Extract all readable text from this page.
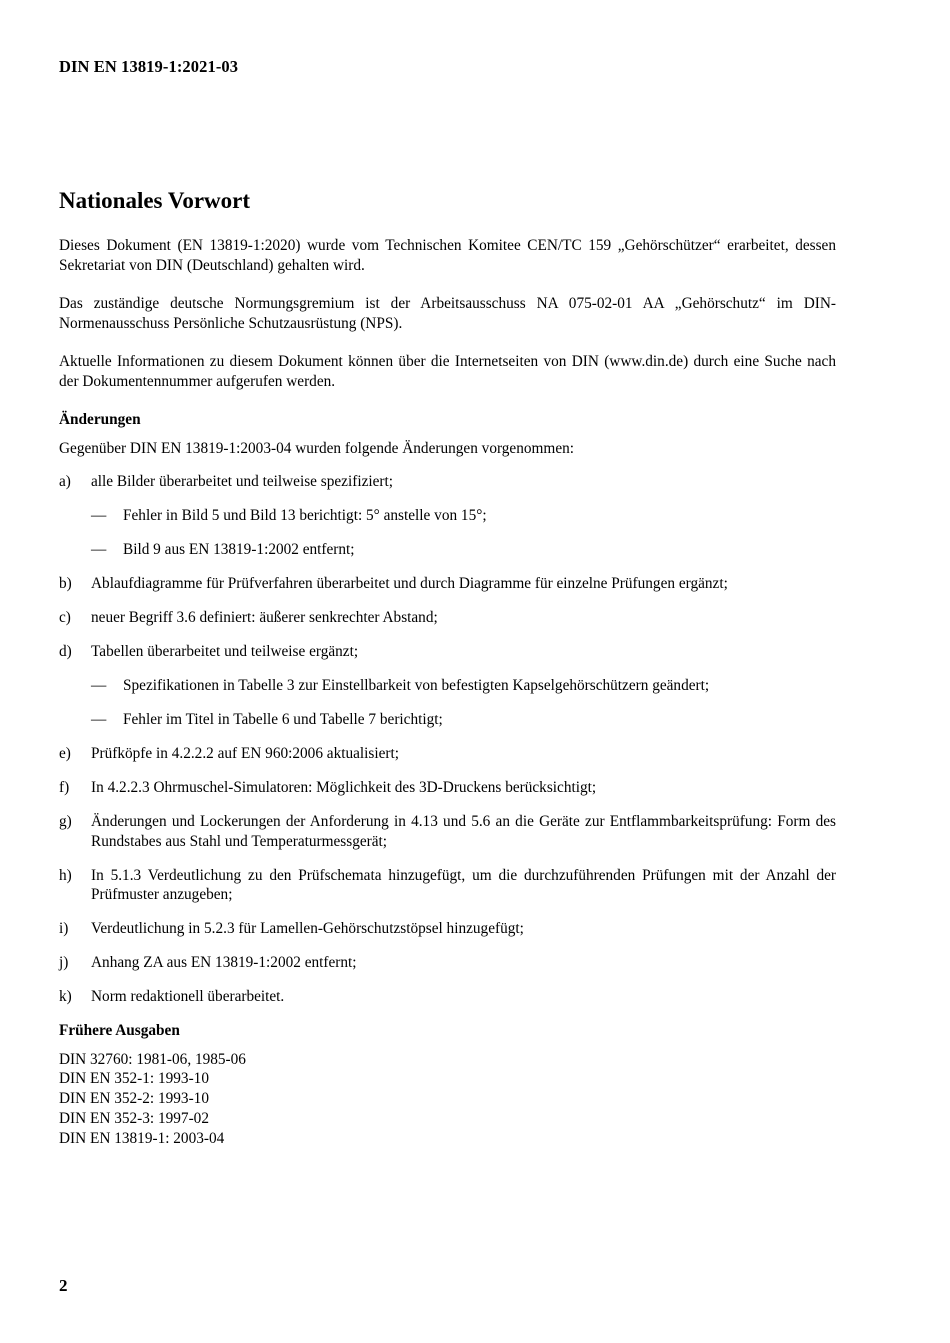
DIN EN 13819-1:2021-03
Nationales Vorwort
Dieses Dokument (EN 13819-1:2020) wurde vom Technischen Komitee CEN/TC 159 „Gehörschützer“ erarbeitet, dessen Sekretariat von DIN (Deutschland) gehalten wird.
Das zuständige deutsche Normungsgremium ist der Arbeitsausschuss NA 075-02-01 AA „Gehörschutz“ im DIN-Normenausschuss Persönliche Schutzausrüstung (NPS).
Aktuelle Informationen zu diesem Dokument können über die Internetseiten von DIN (www.din.de) durch eine Suche nach der Dokumentennummer aufgerufen werden.
Änderungen
Gegenüber DIN EN 13819-1:2003-04 wurden folgende Änderungen vorgenommen:
a)	alle Bilder überarbeitet und teilweise spezifiziert;
—	Fehler in Bild 5 und Bild 13 berichtigt: 5° anstelle von 15°;
—	Bild 9 aus EN 13819-1:2002 entfernt;
b)	Ablaufdiagramme für Prüfverfahren überarbeitet und durch Diagramme für einzelne Prüfungen ergänzt;
c)	neuer Begriff 3.6 definiert: äußerer senkrechter Abstand;
d)	Tabellen überarbeitet und teilweise ergänzt;
—	Spezifikationen in Tabelle 3 zur Einstellbarkeit von befestigten Kapselgehörschützern geändert;
—	Fehler im Titel in Tabelle 6 und Tabelle 7 berichtigt;
e)	Prüfköpfe in 4.2.2.2 auf EN 960:2006 aktualisiert;
f)	In 4.2.2.3 Ohrmuschel-Simulatoren: Möglichkeit des 3D-Druckens berücksichtigt;
g)	Änderungen und Lockerungen der Anforderung in 4.13 und 5.6 an die Geräte zur Entflammbarkeitsprüfung: Form des Rundstabes aus Stahl und Temperaturmessgerät;
h)	In 5.1.3 Verdeutlichung zu den Prüfschemata hinzugefügt, um die durchzuführenden Prüfungen mit der Anzahl der Prüfmuster anzugeben;
i)	Verdeutlichung in 5.2.3 für Lamellen-Gehörschutzstöpsel hinzugefügt;
j)	Anhang ZA aus EN 13819-1:2002 entfernt;
k)	Norm redaktionell überarbeitet.
Frühere Ausgaben
DIN 32760: 1981-06, 1985-06
DIN EN 352-1: 1993-10
DIN EN 352-2: 1993-10
DIN EN 352-3: 1997-02
DIN EN 13819-1: 2003-04
2
